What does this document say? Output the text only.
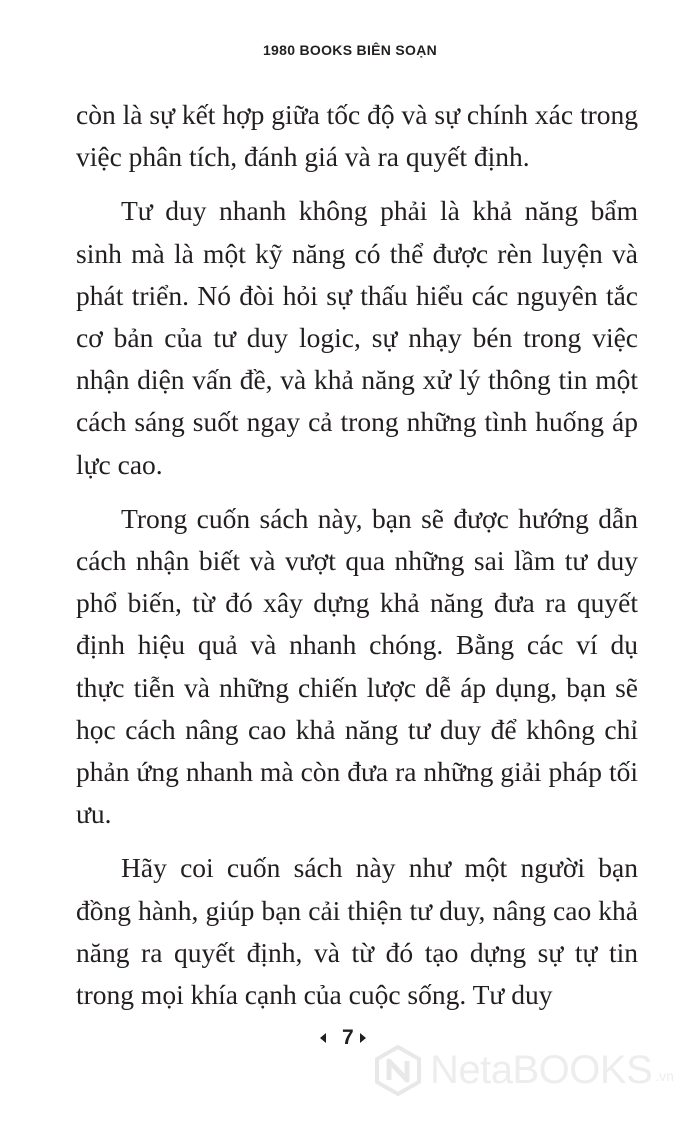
1980 BOOKS BIÊN SOẠN

còn là sự kết hợp giữa tốc độ và sự chính xác trong việc phân tích, đánh giá và ra quyết định.

Tư duy nhanh không phải là khả năng bẩm sinh mà là một kỹ năng có thể được rèn luyện và phát triển. Nó đòi hỏi sự thấu hiểu các nguyên tắc cơ bản của tư duy logic, sự nhạy bén trong việc nhận diện vấn đề, và khả năng xử lý thông tin một cách sáng suốt ngay cả trong những tình huống áp lực cao.

Trong cuốn sách này, bạn sẽ được hướng dẫn cách nhận biết và vượt qua những sai lầm tư duy phổ biến, từ đó xây dựng khả năng đưa ra quyết định hiệu quả và nhanh chóng. Bằng các ví dụ thực tiễn và những chiến lược dễ áp dụng, bạn sẽ học cách nâng cao khả năng tư duy để không chỉ phản ứng nhanh mà còn đưa ra những giải pháp tối ưu.

Hãy coi cuốn sách này như một người bạn đồng hành, giúp bạn cải thiện tư duy, nâng cao khả năng ra quyết định, và từ đó tạo dựng sự tự tin trong mọi khía cạnh của cuộc sống. Tư duy

7
NetaBOOKS .vn
